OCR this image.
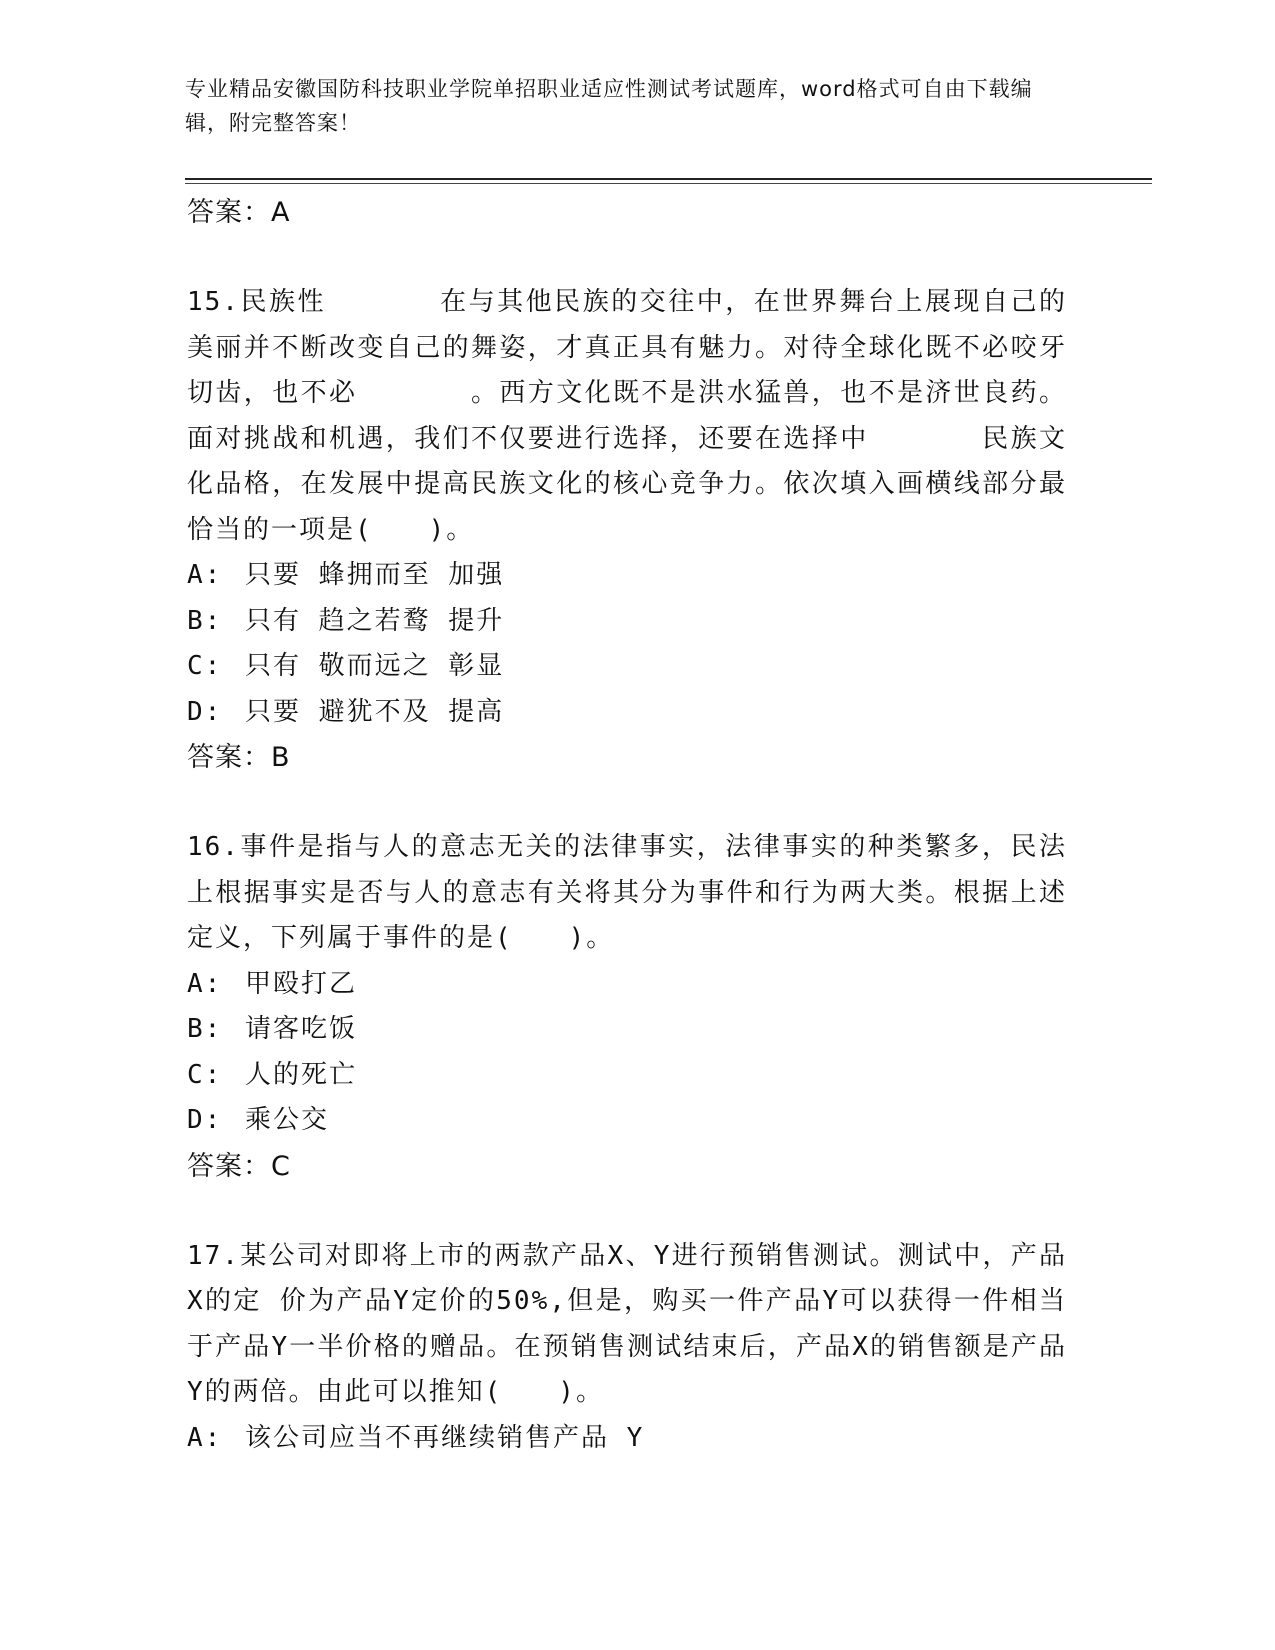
专业精品安徽国防科技职业学院单招职业适应性测试考试题库，word格式可自由下载编辑，附完整答案！
答案：A
15.民族性　　　　在与其他民族的交往中，在世界舞台上展现自己的美丽并不断改变自己的舞姿，才真正具有魅力。对待全球化既不必咬牙切齿，也不必　　　　。西方文化既不是洪水猛兽，也不是济世良药。面对挑战和机遇，我们不仅要进行选择，还要在选择中　　　　民族文化品格，在发展中提高民族文化的核心竞争力。依次填入画横线部分最恰当的一项是(　　)。
A: 只要 蜂拥而至 加强
B: 只有 趋之若鹜 提升
C: 只有 敬而远之 彰显
D: 只要 避犹不及 提高
答案：B
16.事件是指与人的意志无关的法律事实，法律事实的种类繁多，民法上根据事实是否与人的意志有关将其分为事件和行为两大类。根据上述定义，下列属于事件的是(　　)。
A: 甲殴打乙
B: 请客吃饭
C: 人的死亡
D: 乘公交
答案：C
17.某公司对即将上市的两款产品X、Y进行预销售测试。测试中，产品X的定 价为产品Y定价的50%,但是，购买一件产品Y可以获得一件相当于产品Y一半价格的赠品。在预销售测试结束后，产品X的销售额是产品Y的两倍。由此可以推知(　　)。
A: 该公司应当不再继续销售产品 Y
